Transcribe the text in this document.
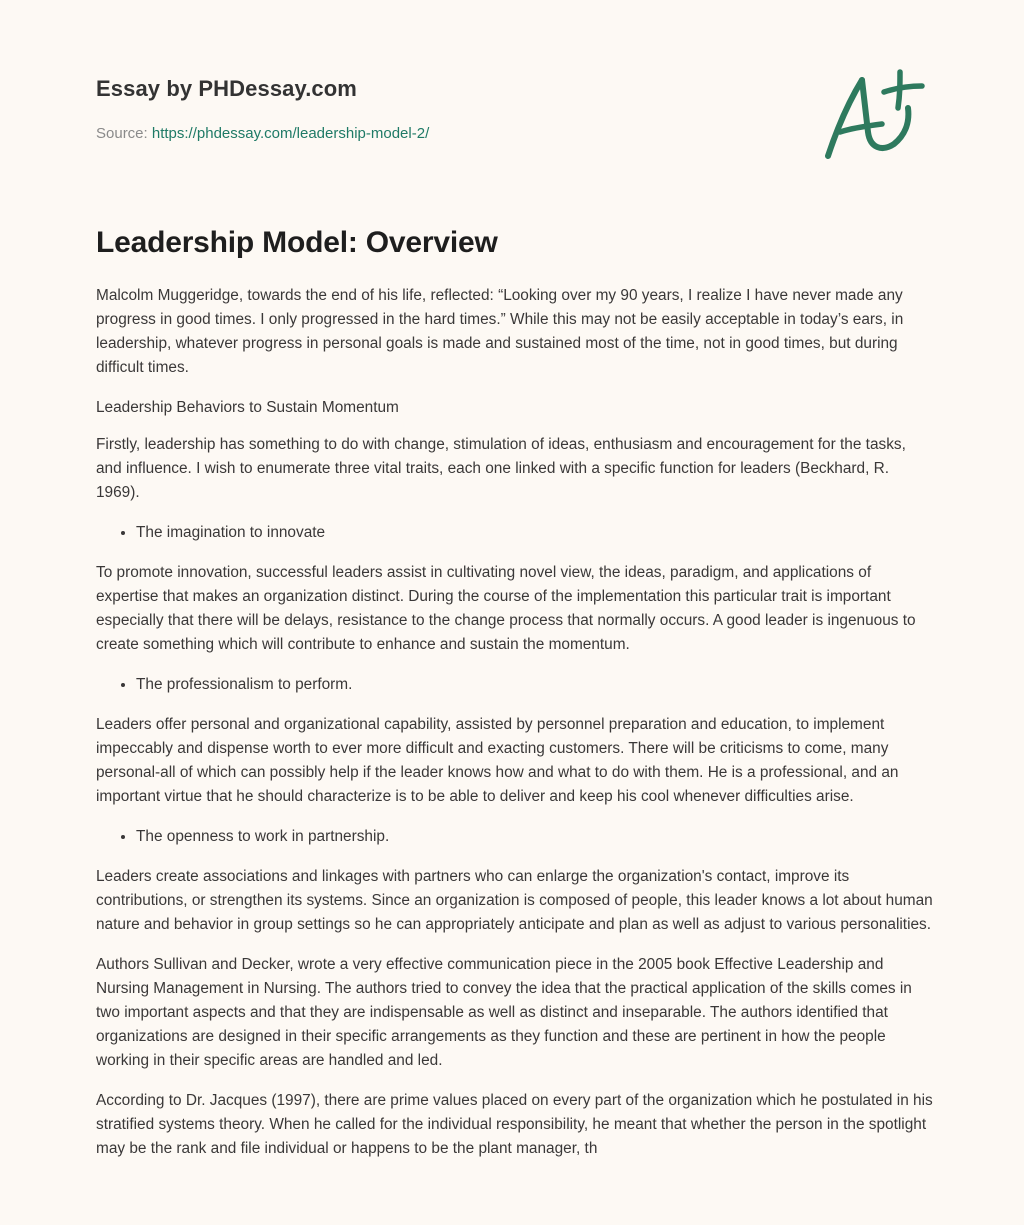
Essay by PHDessay.com
Source: https://phdessay.com/leadership-model-2/
Leadership Model: Overview

Malcolm Muggeridge, towards the end of his life, reflected: “Looking over my 90 years, I realize I have never made any progress in good times. I only progressed in the hard times.” While this may not be easily acceptable in today’s ears, in leadership, whatever progress in personal goals is made and sustained most of the time, not in good times, but during difficult times.

Leadership Behaviors to Sustain Momentum

Firstly, leadership has something to do with change, stimulation of ideas, enthusiasm and encouragement for the tasks, and influence. I wish to enumerate three vital traits, each one linked with a specific function for leaders (Beckhard, R. 1969).

• The imagination to innovate

To promote innovation, successful leaders assist in cultivating novel view, the ideas, paradigm, and applications of expertise that makes an organization distinct. During the course of the implementation this particular trait is important especially that there will be delays, resistance to the change process that normally occurs. A good leader is ingenuous to create something which will contribute to enhance and sustain the momentum.

• The professionalism to perform.

Leaders offer personal and organizational capability, assisted by personnel preparation and education, to implement impeccably and dispense worth to ever more difficult and exacting customers. There will be criticisms to come, many personal-all of which can possibly help if the leader knows how and what to do with them. He is a professional, and an important virtue that he should characterize is to be able to deliver and keep his cool whenever difficulties arise.

• The openness to work in partnership.

Leaders create associations and linkages with partners who can enlarge the organization's contact, improve its contributions, or strengthen its systems. Since an organization is composed of people, this leader knows a lot about human nature and behavior in group settings so he can appropriately anticipate and plan as well as adjust to various personalities.

Authors Sullivan and Decker, wrote a very effective communication piece in the 2005 book Effective Leadership and Nursing Management in Nursing. The authors tried to convey the idea that the practical application of the skills comes in two important aspects and that they are indispensable as well as distinct and inseparable. The authors identified that organizations are designed in their specific arrangements as they function and these are pertinent in how the people working in their specific areas are handled and led.

According to Dr. Jacques (1997), there are prime values placed on every part of the organization which he postulated in his stratified systems theory. When he called for the individual responsibility, he meant that whether the person in the spotlight may be the rank and file individual or happens to be the plant manager, th
